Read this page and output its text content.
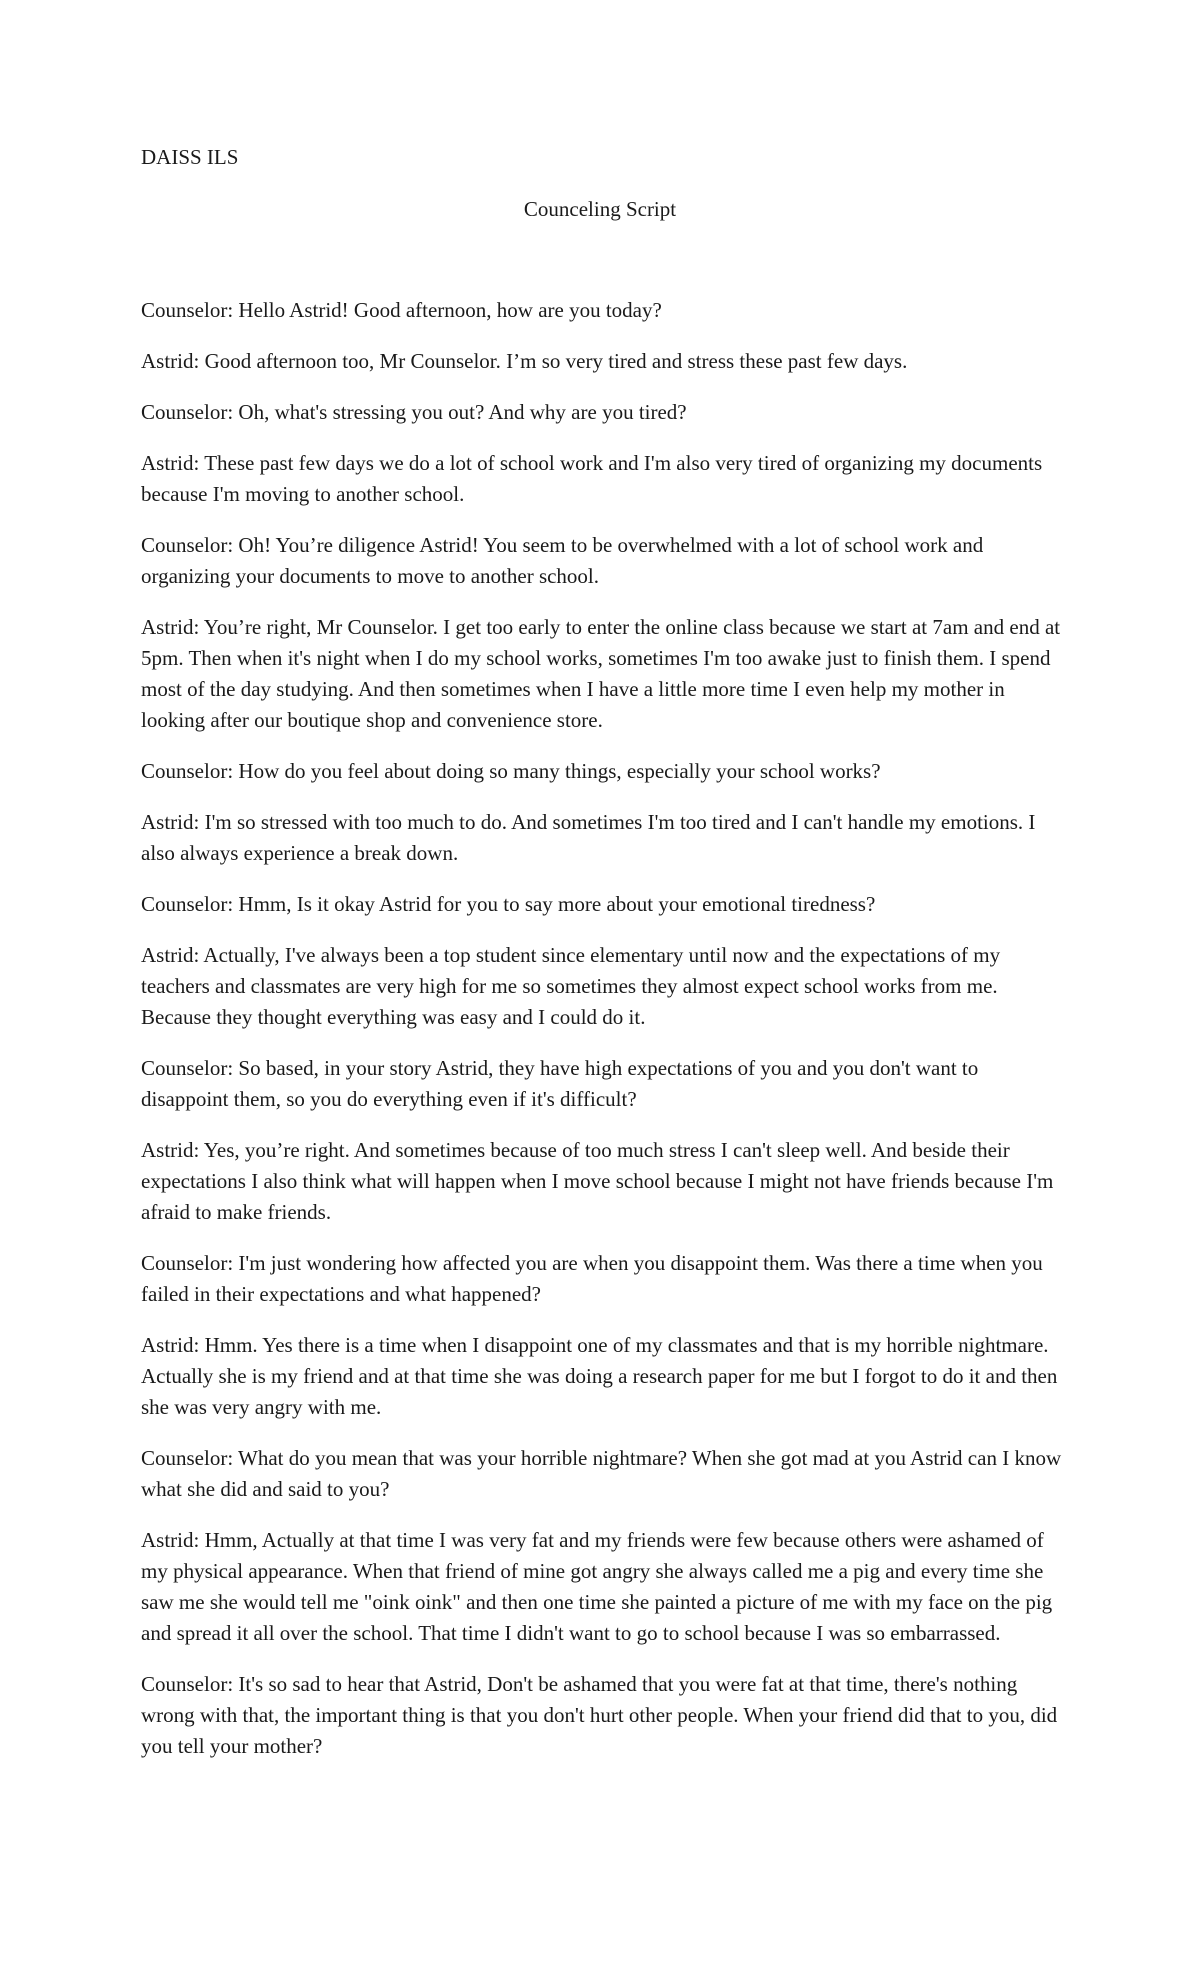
DAISS ILS
Counceling Script

Counselor: Hello Astrid! Good afternoon, how are you today?

Astrid: Good afternoon too, Mr Counselor. I’m so very tired and stress these past few days.

Counselor: Oh, what's stressing you out? And why are you tired?

Astrid: These past few days we do a lot of school work and I'm also very tired of organizing my documents because I'm moving to another school.

Counselor: Oh! You’re diligence Astrid! You seem to be overwhelmed with a lot of school work and organizing your documents to move to another school.

Astrid: You’re right, Mr Counselor. I get too early to enter the online class because we start at 7am and end at 5pm. Then when it's night when I do my school works, sometimes I'm too awake just to finish them. I spend most of the day studying. And then sometimes when I have a little more time I even help my mother in looking after our boutique shop and convenience store.

Counselor: How do you feel about doing so many things, especially your school works?

Astrid: I'm so stressed with too much to do. And sometimes I'm too tired and I can't handle my emotions. I also always experience a break down.

Counselor: Hmm, Is it okay Astrid for you to say more about your emotional tiredness?

Astrid: Actually, I've always been a top student since elementary until now and the expectations of my teachers and classmates are very high for me so sometimes they almost expect school works from me. Because they thought everything was easy and I could do it.

Counselor: So based, in your story Astrid, they have high expectations of you and you don't want to disappoint them, so you do everything even if it's difficult?

Astrid: Yes, you’re right. And sometimes because of too much stress I can't sleep well. And beside their expectations I also think what will happen when I move school because I might not have friends because I'm afraid to make friends.

Counselor: I'm just wondering how affected you are when you disappoint them. Was there a time when you failed in their expectations and what happened?

Astrid: Hmm. Yes there is a time when I disappoint one of my classmates and that is my horrible nightmare. Actually she is my friend and at that time she was doing a research paper for me but I forgot to do it and then she was very angry with me.

Counselor: What do you mean that was your horrible nightmare? When she got mad at you Astrid can I know what she did and said to you?

Astrid: Hmm, Actually at that time I was very fat and my friends were few because others were ashamed of my physical appearance. When that friend of mine got angry she always called me a pig and every time she saw me she would tell me "oink oink" and then one time she painted a picture of me with my face on the pig and spread it all over the school. That time I didn't want to go to school because I was so embarrassed.

Counselor: It's so sad to hear that Astrid, Don't be ashamed that you were fat at that time, there's nothing wrong with that, the important thing is that you don't hurt other people. When your friend did that to you, did you tell your mother?
